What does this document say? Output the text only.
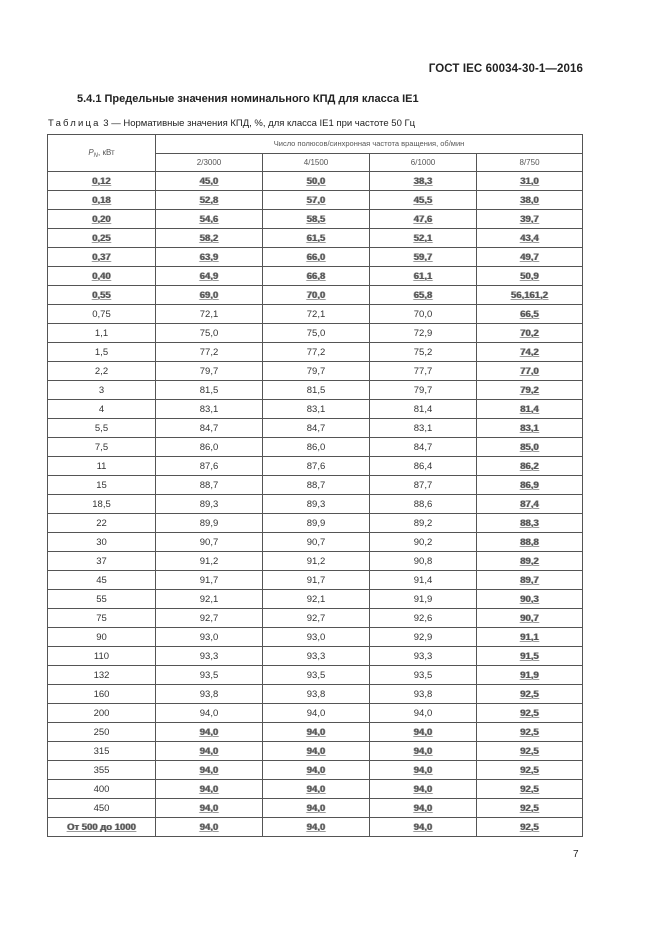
ГОСТ IEC 60034-30-1—2016
5.4.1 Предельные значения номинального КПД для класса IE1
Таблица 3 — Нормативные значения КПД, %, для класса IE1 при частоте 50 Гц
$P_N$, кВт	Число полюсов/синхронная частота вращения, об/мин			
	2/3000	4/1500	6/1000	8/750
0,12	45,0	50,0	38,3	31,0
0,18	52,8	57,0	45,5	38,0
0,20	54,6	58,5	47,6	39,7
0,25	58,2	61,5	52,1	43,4
0,37	63,9	66,0	59,7	49,7
0,40	64,9	66,8	61,1	50,9
0,55	69,0	70,0	65,8	56,161,2
0,75	72,1	72,1	70,0	66,5
1,1	75,0	75,0	72,9	70,2
1,5	77,2	77,2	75,2	74,2
2,2	79,7	79,7	77,7	77,0
3	81,5	81,5	79,7	79,2
4	83,1	83,1	81,4	81,4
5,5	84,7	84,7	83,1	83,1
7,5	86,0	86,0	84,7	85,0
11	87,6	87,6	86,4	86,2
15	88,7	88,7	87,7	86,9
18,5	89,3	89,3	88,6	87,4
22	89,9	89,9	89,2	88,3
30	90,7	90,7	90,2	88,8
37	91,2	91,2	90,8	89,2
45	91,7	91,7	91,4	89,7
55	92,1	92,1	91,9	90,3
75	92,7	92,7	92,6	90,7
90	93,0	93,0	92,9	91,1
110	93,3	93,3	93,3	91,5
132	93,5	93,5	93,5	91,9
160	93,8	93,8	93,8	92,5
200	94,0	94,0	94,0	92,5
250	94,0	94,0	94,0	92,5
315	94,0	94,0	94,0	92,5
355	94,0	94,0	94,0	92,5
400	94,0	94,0	94,0	92,5
450	94,0	94,0	94,0	92,5
От 500 до 1000	94,0	94,0	94,0	92,5
7
